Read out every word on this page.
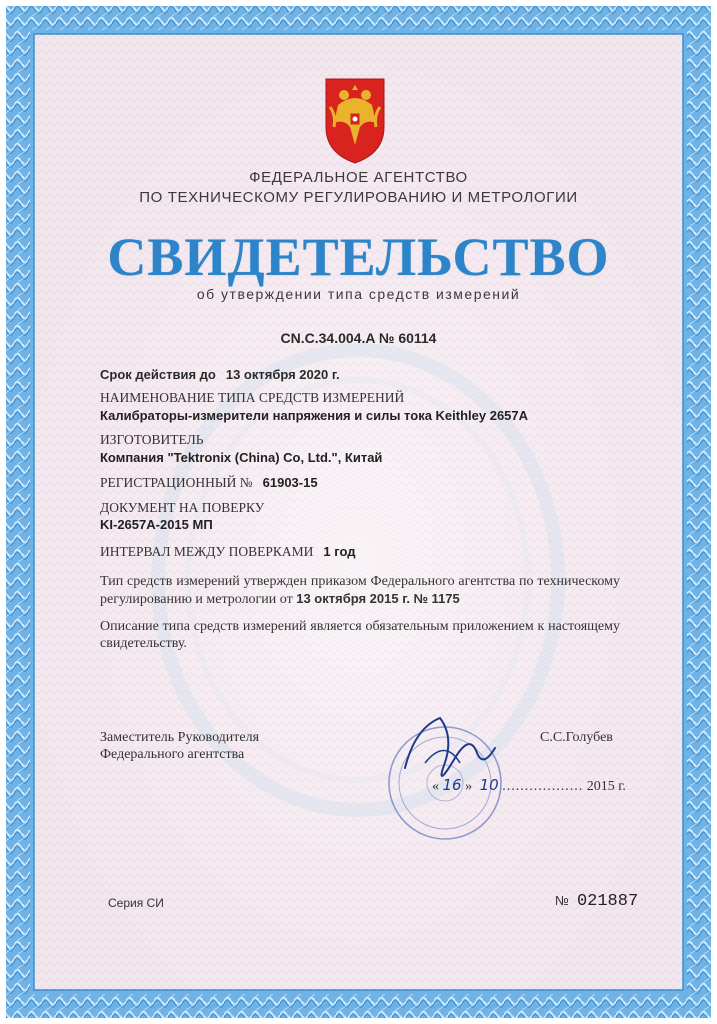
ФЕДЕРАЛЬНОЕ АГЕНТСТВО
ПО ТЕХНИЧЕСКОМУ РЕГУЛИРОВАНИЮ И МЕТРОЛОГИИ
СВИДЕТЕЛЬСТВО
об утверждении типа средств измерений
CN.C.34.004.A № 60114
Срок действия до 13 октября 2020 г.
НАИМЕНОВАНИЕ ТИПА СРЕДСТВ ИЗМЕРЕНИЙ
Калибраторы-измерители напряжения и силы тока Keithley 2657A
ИЗГОТОВИТЕЛЬ
Компания "Tektronix (China) Co, Ltd.", Китай
РЕГИСТРАЦИОННЫЙ № 61903-15
ДОКУМЕНТ НА ПОВЕРКУ
KI-2657A-2015 МП
ИНТЕРВАЛ МЕЖДУ ПОВЕРКАМИ 1 год
Тип средств измерений утвержден приказом Федерального агентства по техническому регулированию и метрологии от 13 октября 2015 г. № 1175
Описание типа средств измерений является обязательным приложением к настоящему свидетельству.
Заместитель Руководителя
Федерального агентства
С.С.Голубев
« 16 » 10 .................. 2015 г.
Серия СИ	№ 021887
